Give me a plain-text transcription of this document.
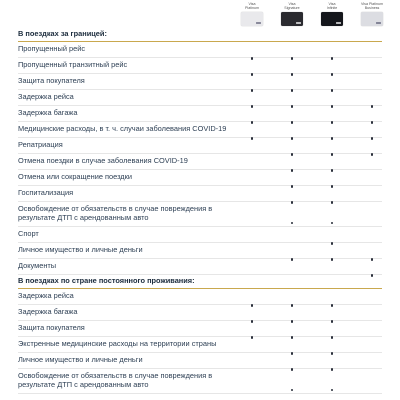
Visa
Platinum
Visa
Signature
Visa
Infinite
Visa Platinum
Business
В поездках за границей:
Пропущенный рейс
Пропущенный транзитный рейс
Защита покупателя
Задержка рейса
Задержка багажа
Медицинские расходы, в т. ч. случаи заболевания COVID-19
Репатриация
Отмена поездки в случае заболевания COVID-19
Отмена или сокращение поездки
Госпитализация
Освобождение от обязательств в случае повреждения в результате ДТП с арендованным авто
Спорт
Личное имущество и личные деньги
Документы
В поездках по стране постоянного проживания:
Задержка рейса
Задержка багажа
Защита покупателя
Экстренные медицинские расходы на территории страны
Личное имущество и личные деньги
Освобождение от обязательств в случае повреждения в результате ДТП с арендованным авто
